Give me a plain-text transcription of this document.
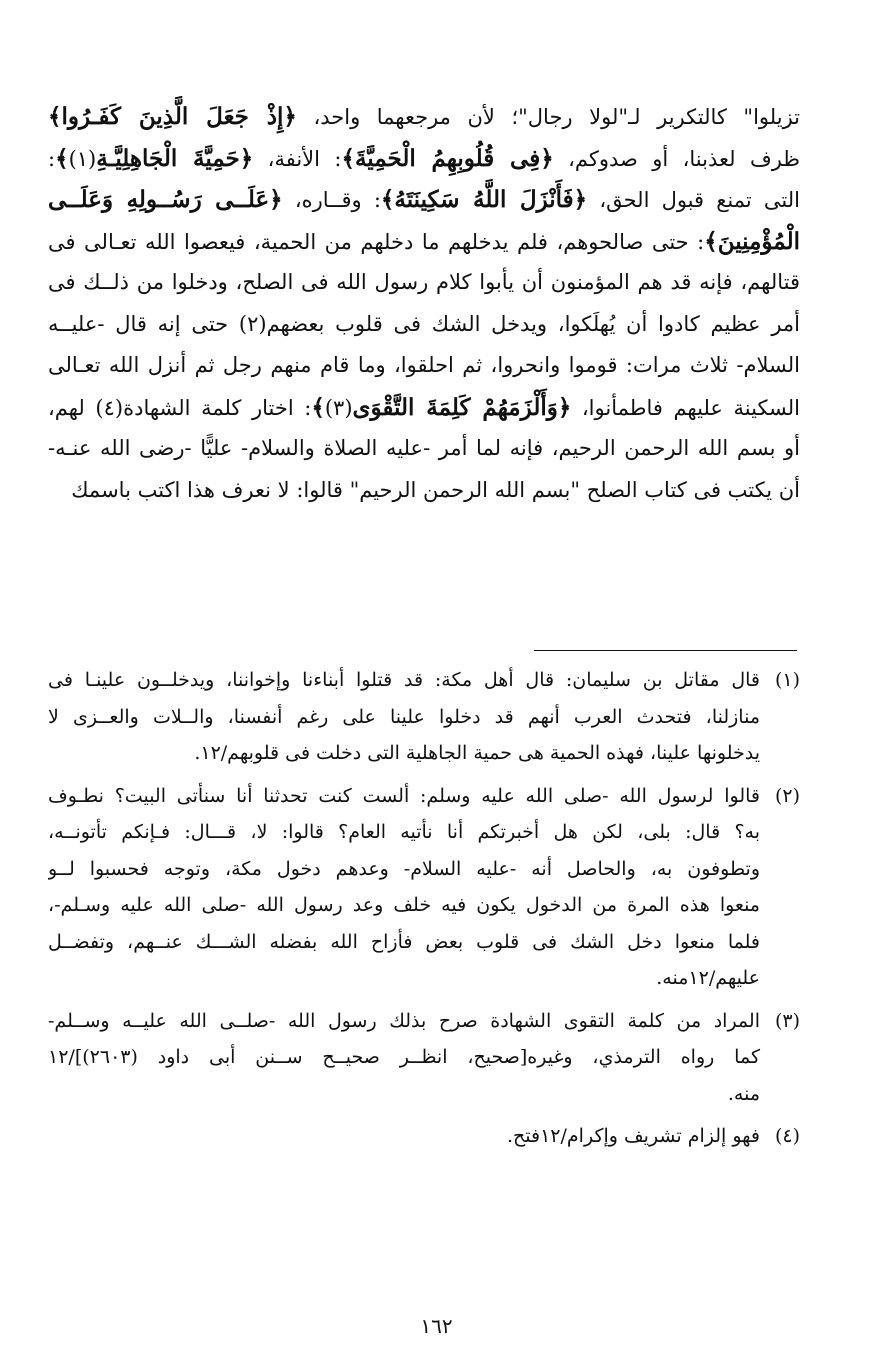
تزيلوا" كالتكرير لـ"لولا رجال"؛ لأن مرجعهما واحد، ﴿إِذْ جَعَلَ الَّذِينَ كَفَـرُوا﴾
ظرف لعذبنا، أو صدوكم، ﴿فِى قُلُوبِهِمُ الْحَمِيَّةَ﴾: الأنفة، ﴿حَمِيَّةَ الْجَاهِلِيَّـةِ(١)﴾:
التى تمنع قبول الحق، ﴿فَأَنْزَلَ اللَّهُ سَكِينَتَهُ﴾: وقــاره، ﴿عَلَــى رَسُــولِهِ وَعَلَــى
الْمُؤْمِنِينَ﴾: حتى صالحوهم، فلم يدخلهم ما دخلهم من الحمية، فيعصوا الله تعـالى فى
قتالهم، فإنه قد هم المؤمنون أن يأبوا كلام رسول الله فى الصلح، ودخلوا من ذلــك فى
أمر عظيم كادوا أن يُهلَكوا، ويدخل الشك فى قلوب بعضهم(٢) حتى إنه قال -عليــه
السلام- ثلاث مرات: قوموا وانحروا، ثم احلقوا، وما قام منهم رجل ثم أنزل الله تعـالى
السكينة عليهم فاطمأنوا، ﴿وَأَلْزَمَهُمْ كَلِمَةَ التَّقْوَى(٣)﴾: اختار كلمة الشهادة(٤) لهم،
أو بسم الله الرحمن الرحيم، فإنه لما أمر -عليه الصلاة والسلام- عليًّا -رضى الله عنـه-
أن يكتب فى كتاب الصلح "بسم الله الرحمن الرحيم" قالوا: لا نعرف هذا اكتب باسمك
(١)قال مقاتل بن سليمان: قال أهل مكة: قد قتلوا أبناءنا وإخواننا، ويدخلــون علينـا فى
منازلنا، فتحدث العرب أنهم قد دخلوا علينا على رغم أنفسنا، والــلات والعــزى لا
يدخلونها علينا، فهذه الحمية هى حمية الجاهلية التى دخلت فى قلوبهم/١٢.
(٢)قالوا لرسول الله -صلى الله عليه وسلم: ألست كنت تحدثنا أنا سنأتى البيت؟ نطـوف
به؟ قال: بلى، لكن هل أخبرتكم أنا نأتيه العام؟ قالوا: لا، قـــال: فـإنكم تأتونــه،
وتطوفون به، والحاصل أنه -عليه السلام- وعدهم دخول مكة، وتوجه فحسبوا لــو
منعوا هذه المرة من الدخول يكون فيه خلف وعد رسول الله -صلى الله عليه وسـلم-،
فلما منعوا دخل الشك فى قلوب بعض فأزاح الله بفضله الشـــك عنــهم، وتفضــل
عليهم/١٢منه.
(٣)المراد من كلمة التقوى الشهادة صرح بذلك رسول الله -صلــى الله عليــه وســلم-
كما رواه الترمذي، وغيره[صحيح، انظــر صحيــح ســنن أبى داود (٢٦٠٣)]/١٢
منه.
(٤)فهو إلزام تشريف وإكرام/١٢فتح.
١٦٢
